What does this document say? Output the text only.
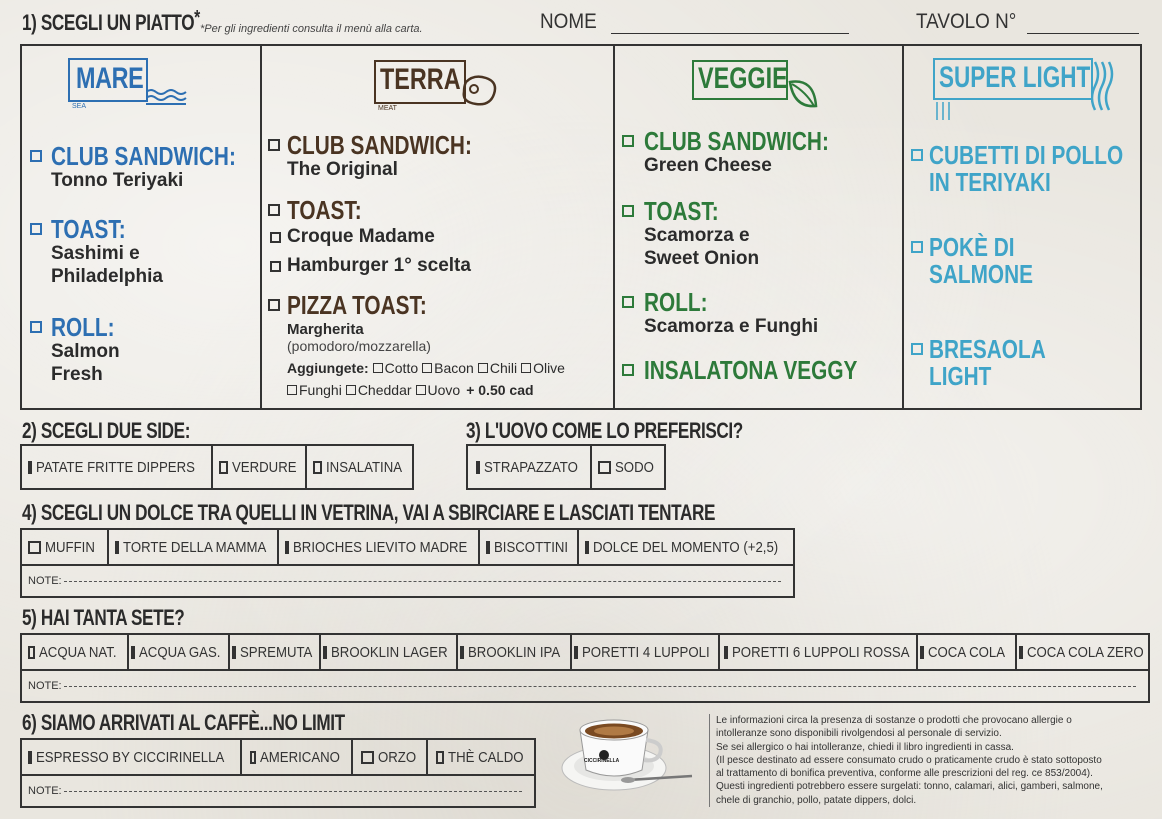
1) SCEGLI UN PIATTO* *Per gli ingredienti consulta il menù alla carta.	NOME	TAVOLO N°
MARE
SEA
CLUB SANDWICH:
Tonno Teriyaki
TOAST:
Sashimi e
Philadelphia
ROLL:
Salmon
Fresh
TERRA
MEAT
CLUB SANDWICH:
The Original
TOAST:
Croque Madame
Hamburger 1° scelta
PIZZA TOAST:
Margherita
(pomodoro/mozzarella)
Aggiungete: Cotto Bacon Chili Olive
Funghi Cheddar Uovo + 0.50 cad
VEGGIE
CLUB SANDWICH:
Green Cheese
TOAST:
Scamorza e
Sweet Onion
ROLL:
Scamorza e Funghi
INSALATONA VEGGY
SUPER LIGHT
CUBETTI DI POLLO
IN TERIYAKI
POKÈ DI
SALMONE
BRESAOLA
LIGHT
2) SCEGLI DUE SIDE:
PATATE FRITTE DIPPERS VERDURE INSALATINA
3) L'UOVO COME LO PREFERISCI?
STRAPAZZATO SODO
4) SCEGLI UN DOLCE TRA QUELLI IN VETRINA, VAI A SBIRCIARE E LASCIATI TENTARE
MUFFIN TORTE DELLA MAMMA BRIOCHES LIEVITO MADRE BISCOTTINI DOLCE DEL MOMENTO (+2,5)
NOTE:
5) HAI TANTA SETE?
ACQUA NAT. ACQUA GAS. SPREMUTA BROOKLIN LAGER BROOKLIN IPA PORETTI 4 LUPPOLI PORETTI 6 LUPPOLI ROSSA COCA COLA COCA COLA ZERO
NOTE:
6) SIAMO ARRIVATI AL CAFFÈ...NO LIMIT
ESPRESSO BY CICCIRINELLA AMERICANO	ORZO THÈ CALDO
NOTE:
CICCIRINELLA
Le informazioni circa la presenza di sostanze o prodotti che provocano allergie o
intolleranze sono disponibili rivolgendosi al personale di servizio.
Se sei allergico o hai intolleranze, chiedi il libro ingredienti in cassa.
(Il pesce destinato ad essere consumato crudo o praticamente crudo è stato sottoposto
al trattamento di bonifica preventiva, conforme alle prescrizioni del reg. ce 853/2004).
Questi ingredienti potrebbero essere surgelati: tonno, calamari, alici, gamberi, salmone,
chele di granchio, pollo, patate dippers, dolci.
